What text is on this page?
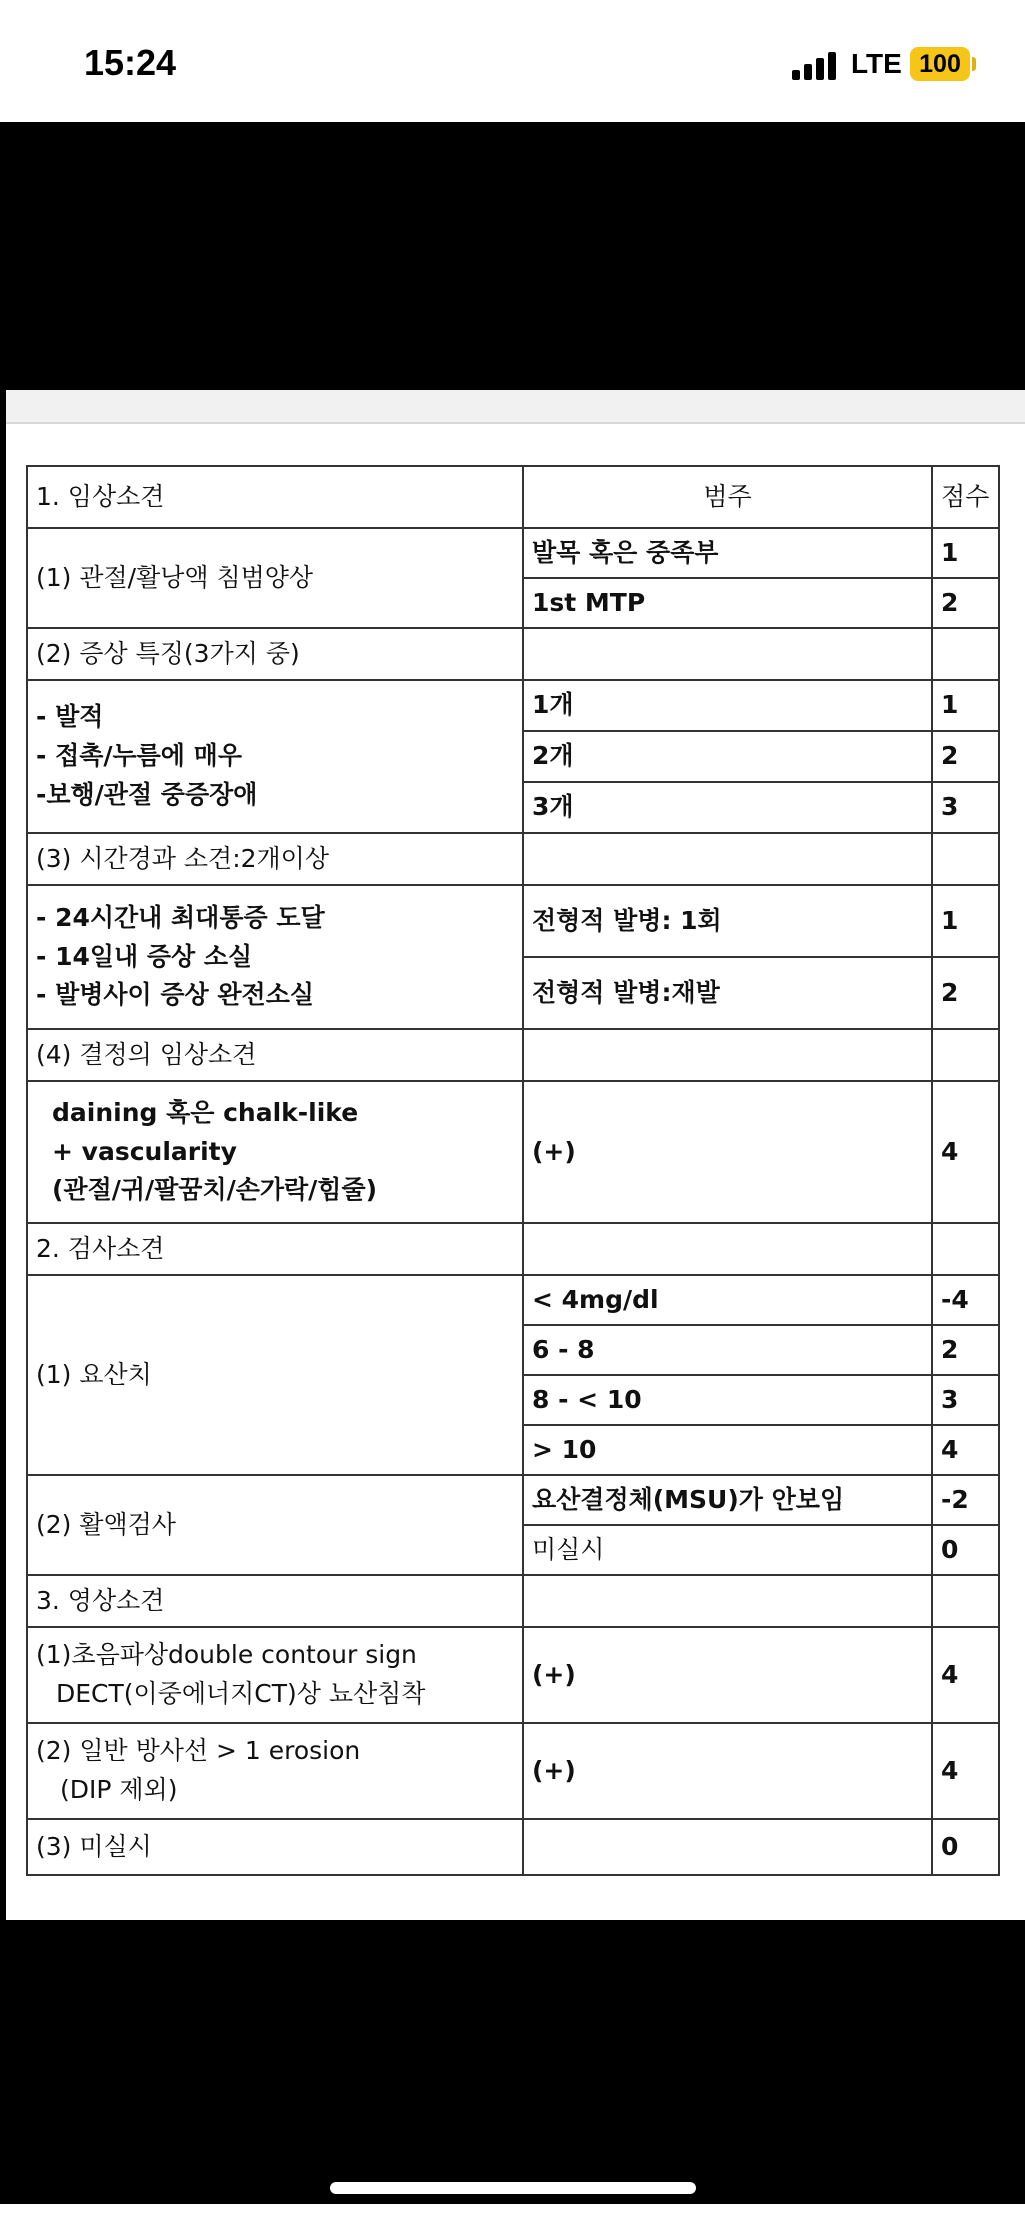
15:24	LTE 100
1. 임상소견	범주	점수
(1) 관절/활낭액 침범양상	발목 혹은 중족부	1
	1st MTP	2
(2) 증상 특징(3가지 중)		

- 발적
- 접촉/누름에 매우
-보행/관절 중증장애	1개	1
	2개	2
	3개	3
(3) 시간경과 소견:2개이상		

- 24시간내 최대통증 도달
- 14일내 증상 소실
- 발병사이 증상 완전소실	전형적 발병: 1회	1
	전형적 발병:재발	2
(4) 결정의 임상소견		

daining 혹은 chalk-like
+ vascularity
(관절/귀/팔꿈치/손가락/힘줄)	(+)	4
2. 검사소견		
(1) 요산치	< 4mg/dl	-4
	6 - 8	2
	8 - < 10	3
	> 10	4
(2) 활액검사	요산결정체(MSU)가 안보임	-2
	미실시	0
3. 영상소견		

(1)초음파상double contour sign
DECT(이중에너지CT)상 뇨산침착	(+)	4

(2) 일반 방사선 > 1 erosion
(DIP 제외)	(+)	4
(3) 미실시		0
